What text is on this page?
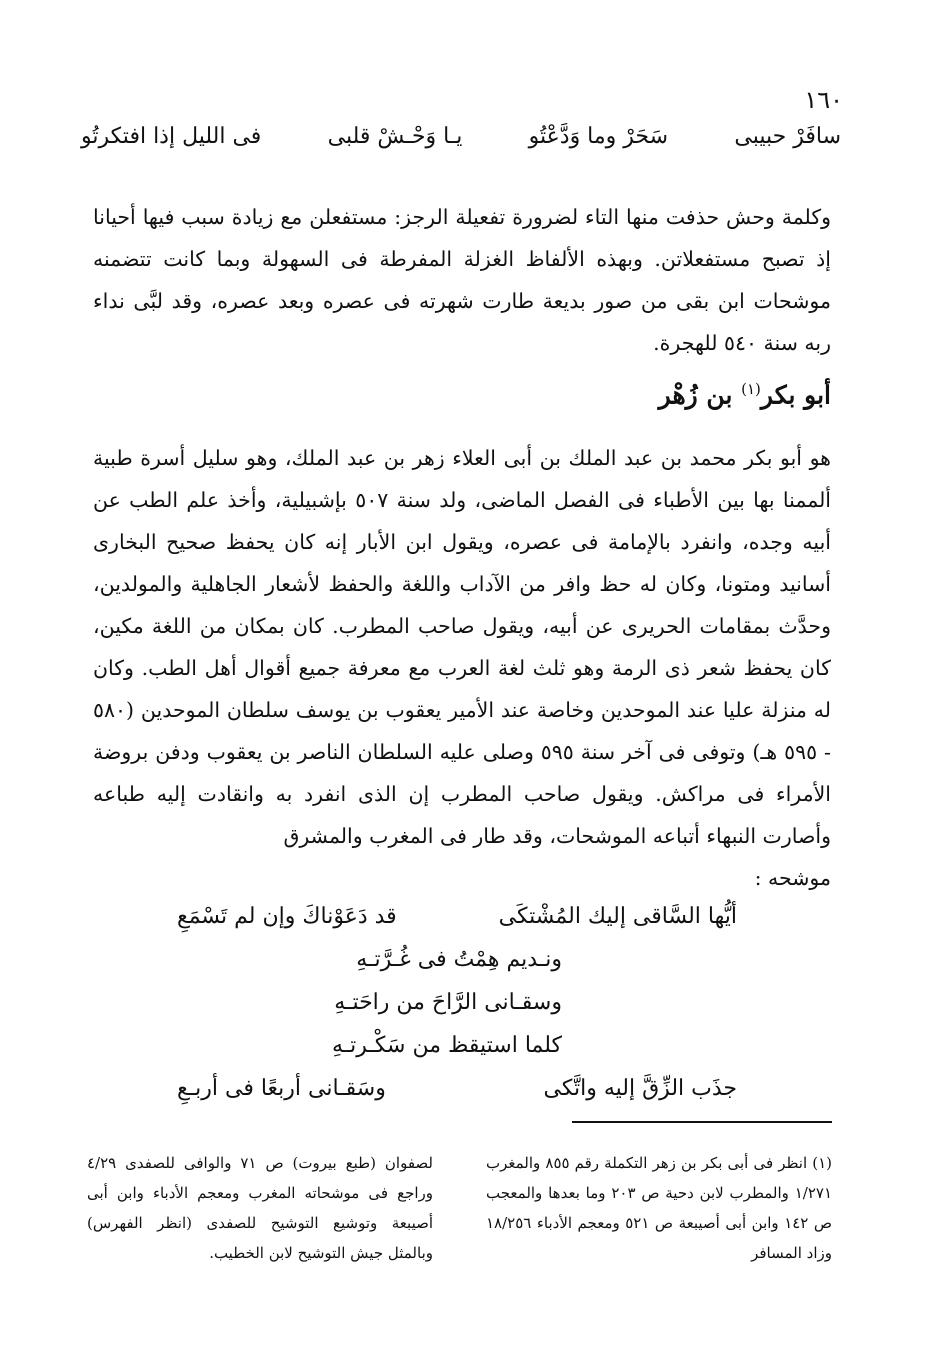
١٦٠
سافَرْ حبيبى
سَحَرْ وما وَدَّعْتُو
يـا وَحْـشْ قلبى
فى الليل إذا افتكرتُو
وكلمة وحش حذفت منها التاء لضرورة تفعيلة الرجز: مستفعلن مع زيادة سبب فيها أحيانا إذ تصبح مستفعلاتن. وبهذه الألفاظ الغزلة المفرطة فى السهولة وبما كانت تتضمنه موشحات ابن بقى من صور بديعة طارت شهرته فى عصره وبعد عصره، وقد لبَّى نداء ربه سنة ٥٤٠ للهجرة.
أبو بكر$^{(١)}$ بن زُهْر
هو أبو بكر محمد بن عبد الملك بن أبى العلاء زهر بن عبد الملك، وهو سليل أسرة طبية ألممنا بها بين الأطباء فى الفصل الماضى، ولد سنة ٥٠٧ بإشبيلية، وأخذ علم الطب عن أبيه وجده، وانفرد بالإمامة فى عصره، ويقول ابن الأبار إنه كان يحفظ صحيح البخارى أسانيد ومتونا، وكان له حظ وافر من الآداب واللغة والحفظ لأشعار الجاهلية والمولدين، وحدَّث بمقامات الحريرى عن أبيه، ويقول صاحب المطرب. كان بمكان من اللغة مكين، كان يحفظ شعر ذى الرمة وهو ثلث لغة العرب مع معرفة جميع أقوال أهل الطب. وكان له منزلة عليا عند الموحدين وخاصة عند الأمير يعقوب بن يوسف سلطان الموحدين (٥٨٠ - ٥٩٥ هـ) وتوفى فى آخر سنة ٥٩٥ وصلى عليه السلطان الناصر بن يعقوب ودفن بروضة الأمراء فى مراكش. ويقول صاحب المطرب إن الذى انفرد به وانقادت إليه طباعه وأصارت النبهاء أتباعه الموشحات، وقد طار فى المغرب والمشرق
موشحه :
أيُّها السَّاقى إليك المُشْتكَى
قد دَعَوْناكَ وإن لم تَسْمَعِ
ونـديم هِمْتُ فى غُـرَّتـهِ
وسقـانى الرَّاحَ من راحَتـهِ
كلما استيقظ من سَكْـرتـهِ
جذَب الزِّقَّ إليه واتَّكى
وسَقـانى أربعًا فى أربـعِ
(١) انظر فى أبى بكر بن زهر التكملة رقم ٨٥٥ والمغرب ١/٢٧١ والمطرب لابن دحية ص ٢٠٣ وما بعدها والمعجب ص ١٤٢ وابن أبى أصيبعة ص ٥٢١ ومعجم الأدباء ١٨/٢٥٦ وزاد المسافر
لصفوان (طبع بيروت) ص ٧١ والوافى للصفدى ٤/٢٩ وراجع فى موشحاته المغرب ومعجم الأدباء وابن أبى أصيبعة وتوشيع التوشيح للصفدى (انظر الفهرس) وبالمثل جيش التوشيح لابن الخطيب.
